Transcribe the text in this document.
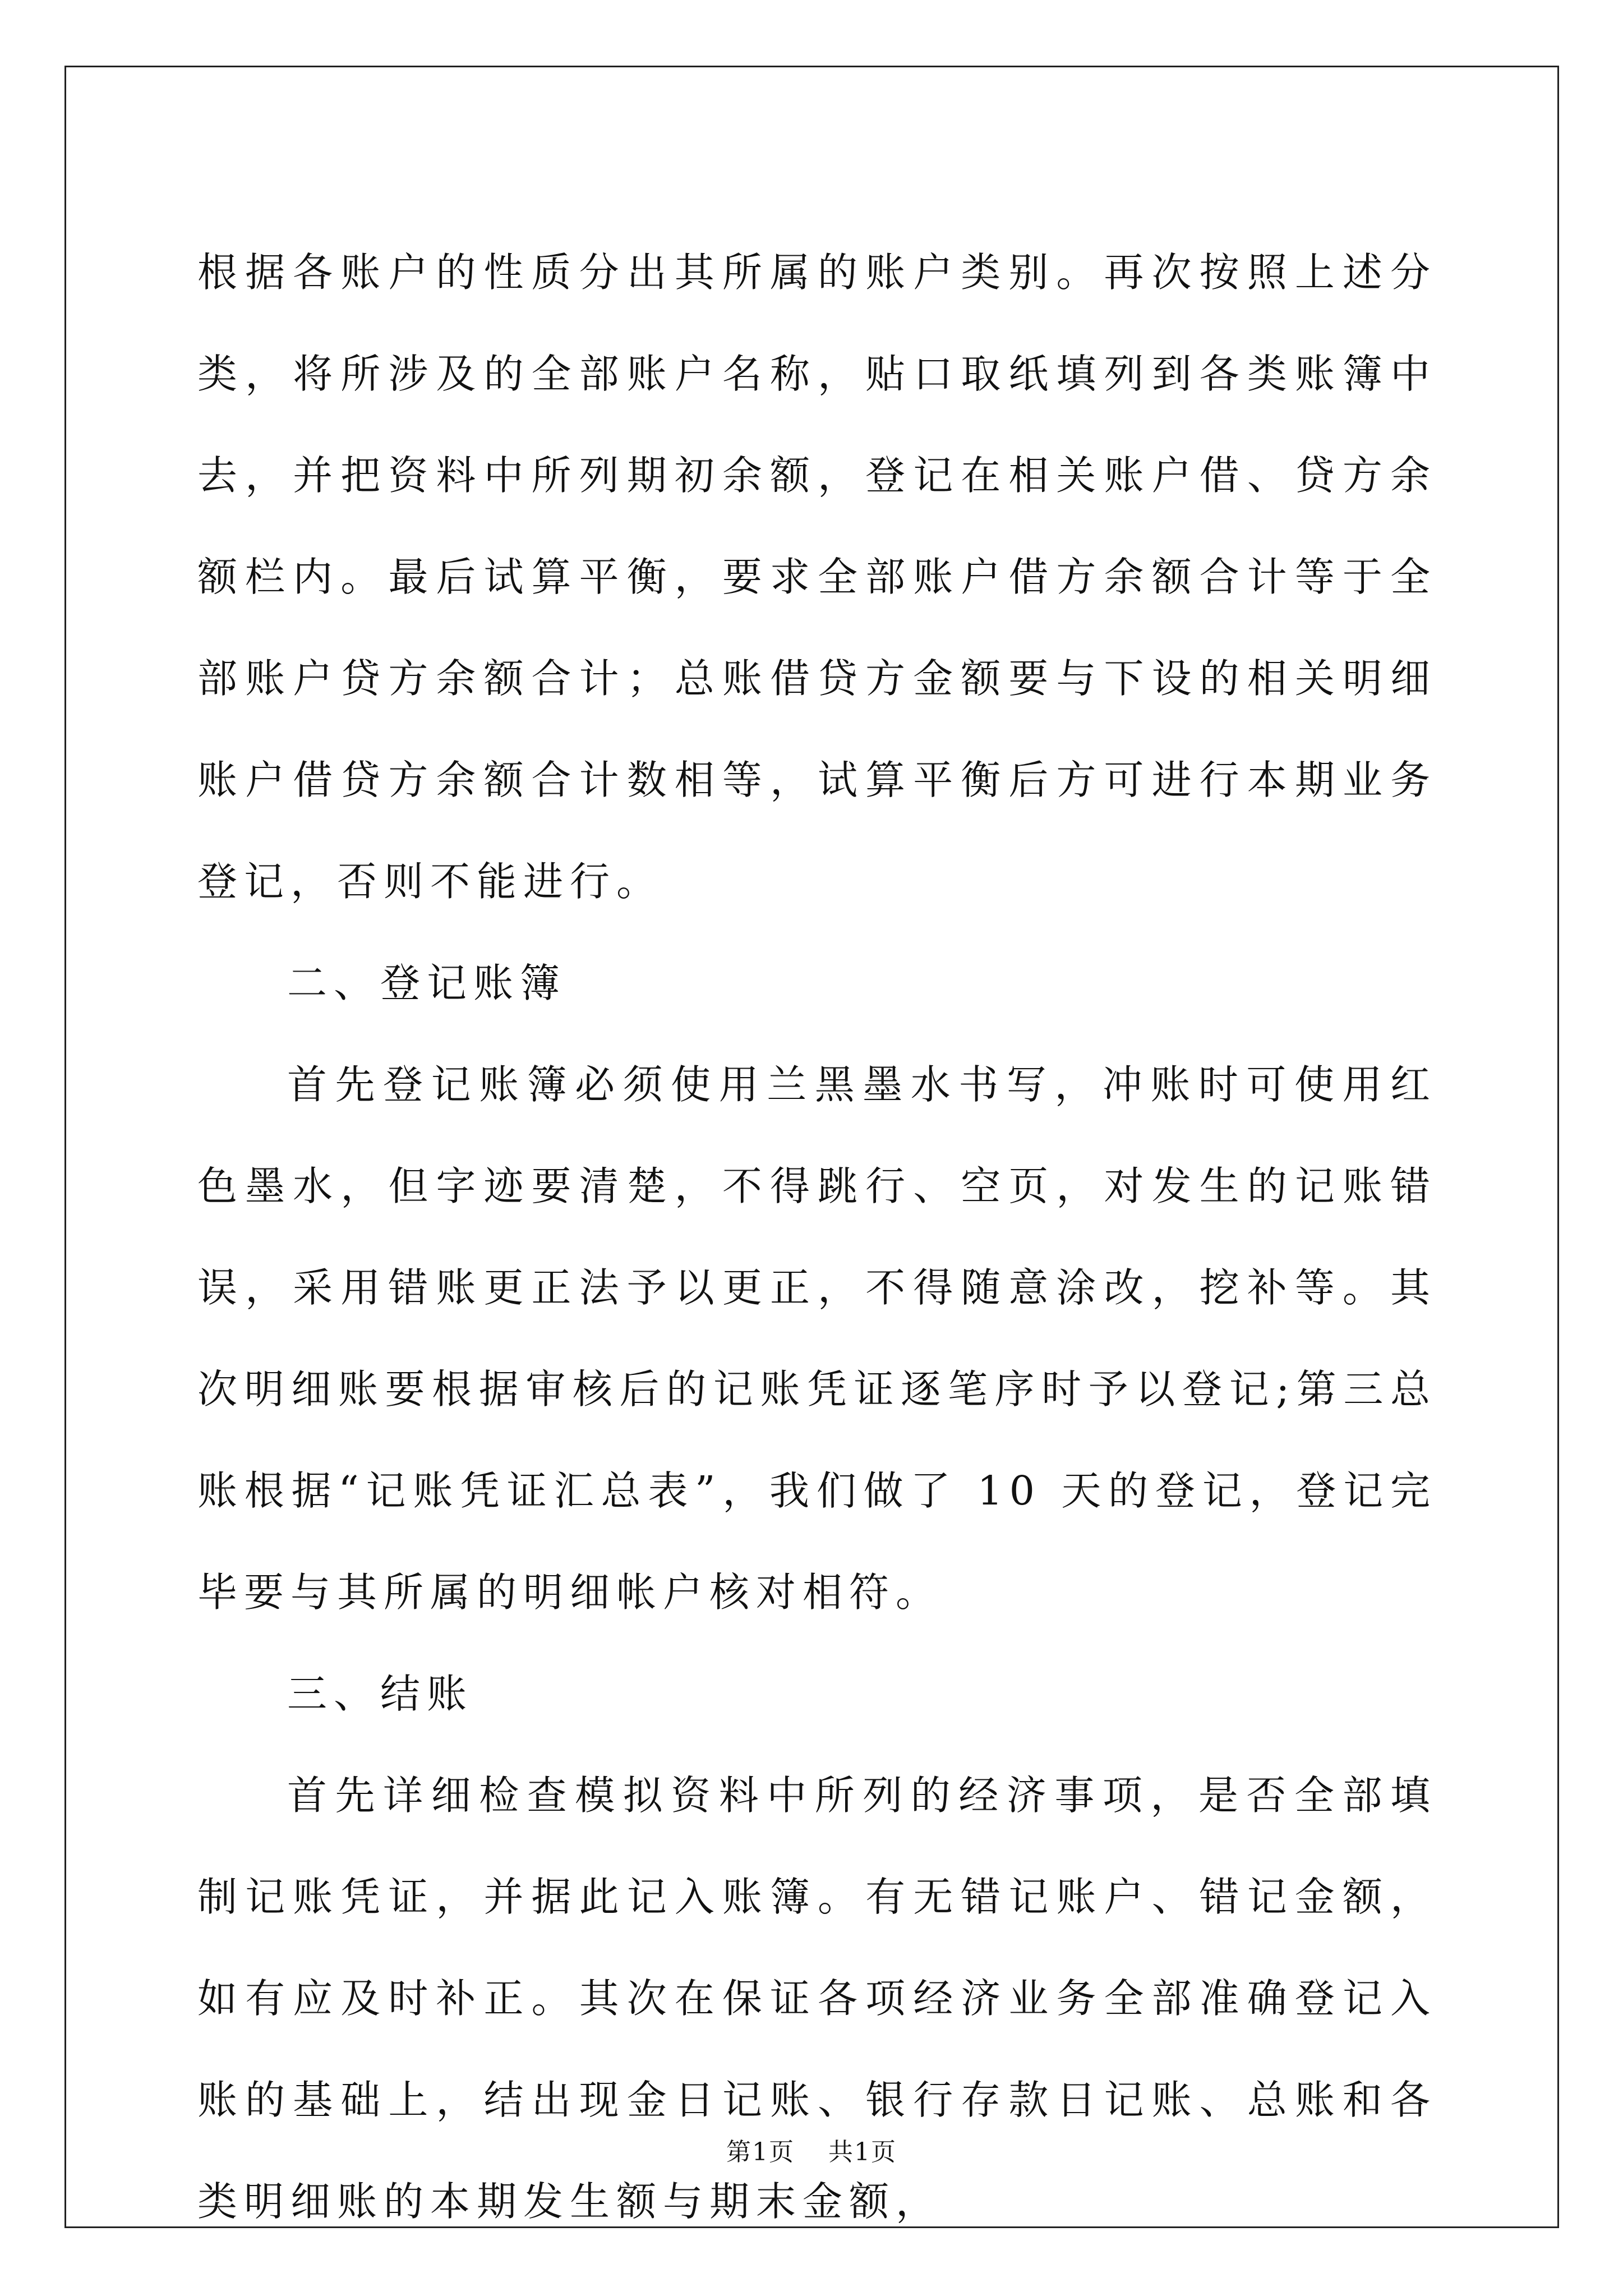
根据各账户的性质分出其所属的账户类别。再次按照上述分类，将所涉及的全部账户名称，贴口取纸填列到各类账簿中去，并把资料中所列期初余额，登记在相关账户借、贷方余额栏内。最后试算平衡，要求全部账户借方余额合计等于全部账户贷方余额合计；总账借贷方金额要与下设的相关明细账户借贷方余额合计数相等，试算平衡后方可进行本期业务登记，否则不能进行。

二、登记账簿

首先登记账簿必须使用兰黑墨水书写，冲账时可使用红色墨水，但字迹要清楚，不得跳行、空页，对发生的记账错误，采用错账更正法予以更正，不得随意涂改，挖补等。其次明细账要根据审核后的记账凭证逐笔序时予以登记;第三总账根据“记账凭证汇总表”，我们做了 10 天的登记，登记完毕要与其所属的明细帐户核对相符。

三、结账

首先详细检查模拟资料中所列的经济事项，是否全部填制记账凭证，并据此记入账簿。有无错记账户、错记金额，如有应及时补正。其次在保证各项经济业务全部准确登记入账的基础上，结出现金日记账、银行存款日记账、总账和各类明细账的本期发生额与期末金额，

第1页 共1页
